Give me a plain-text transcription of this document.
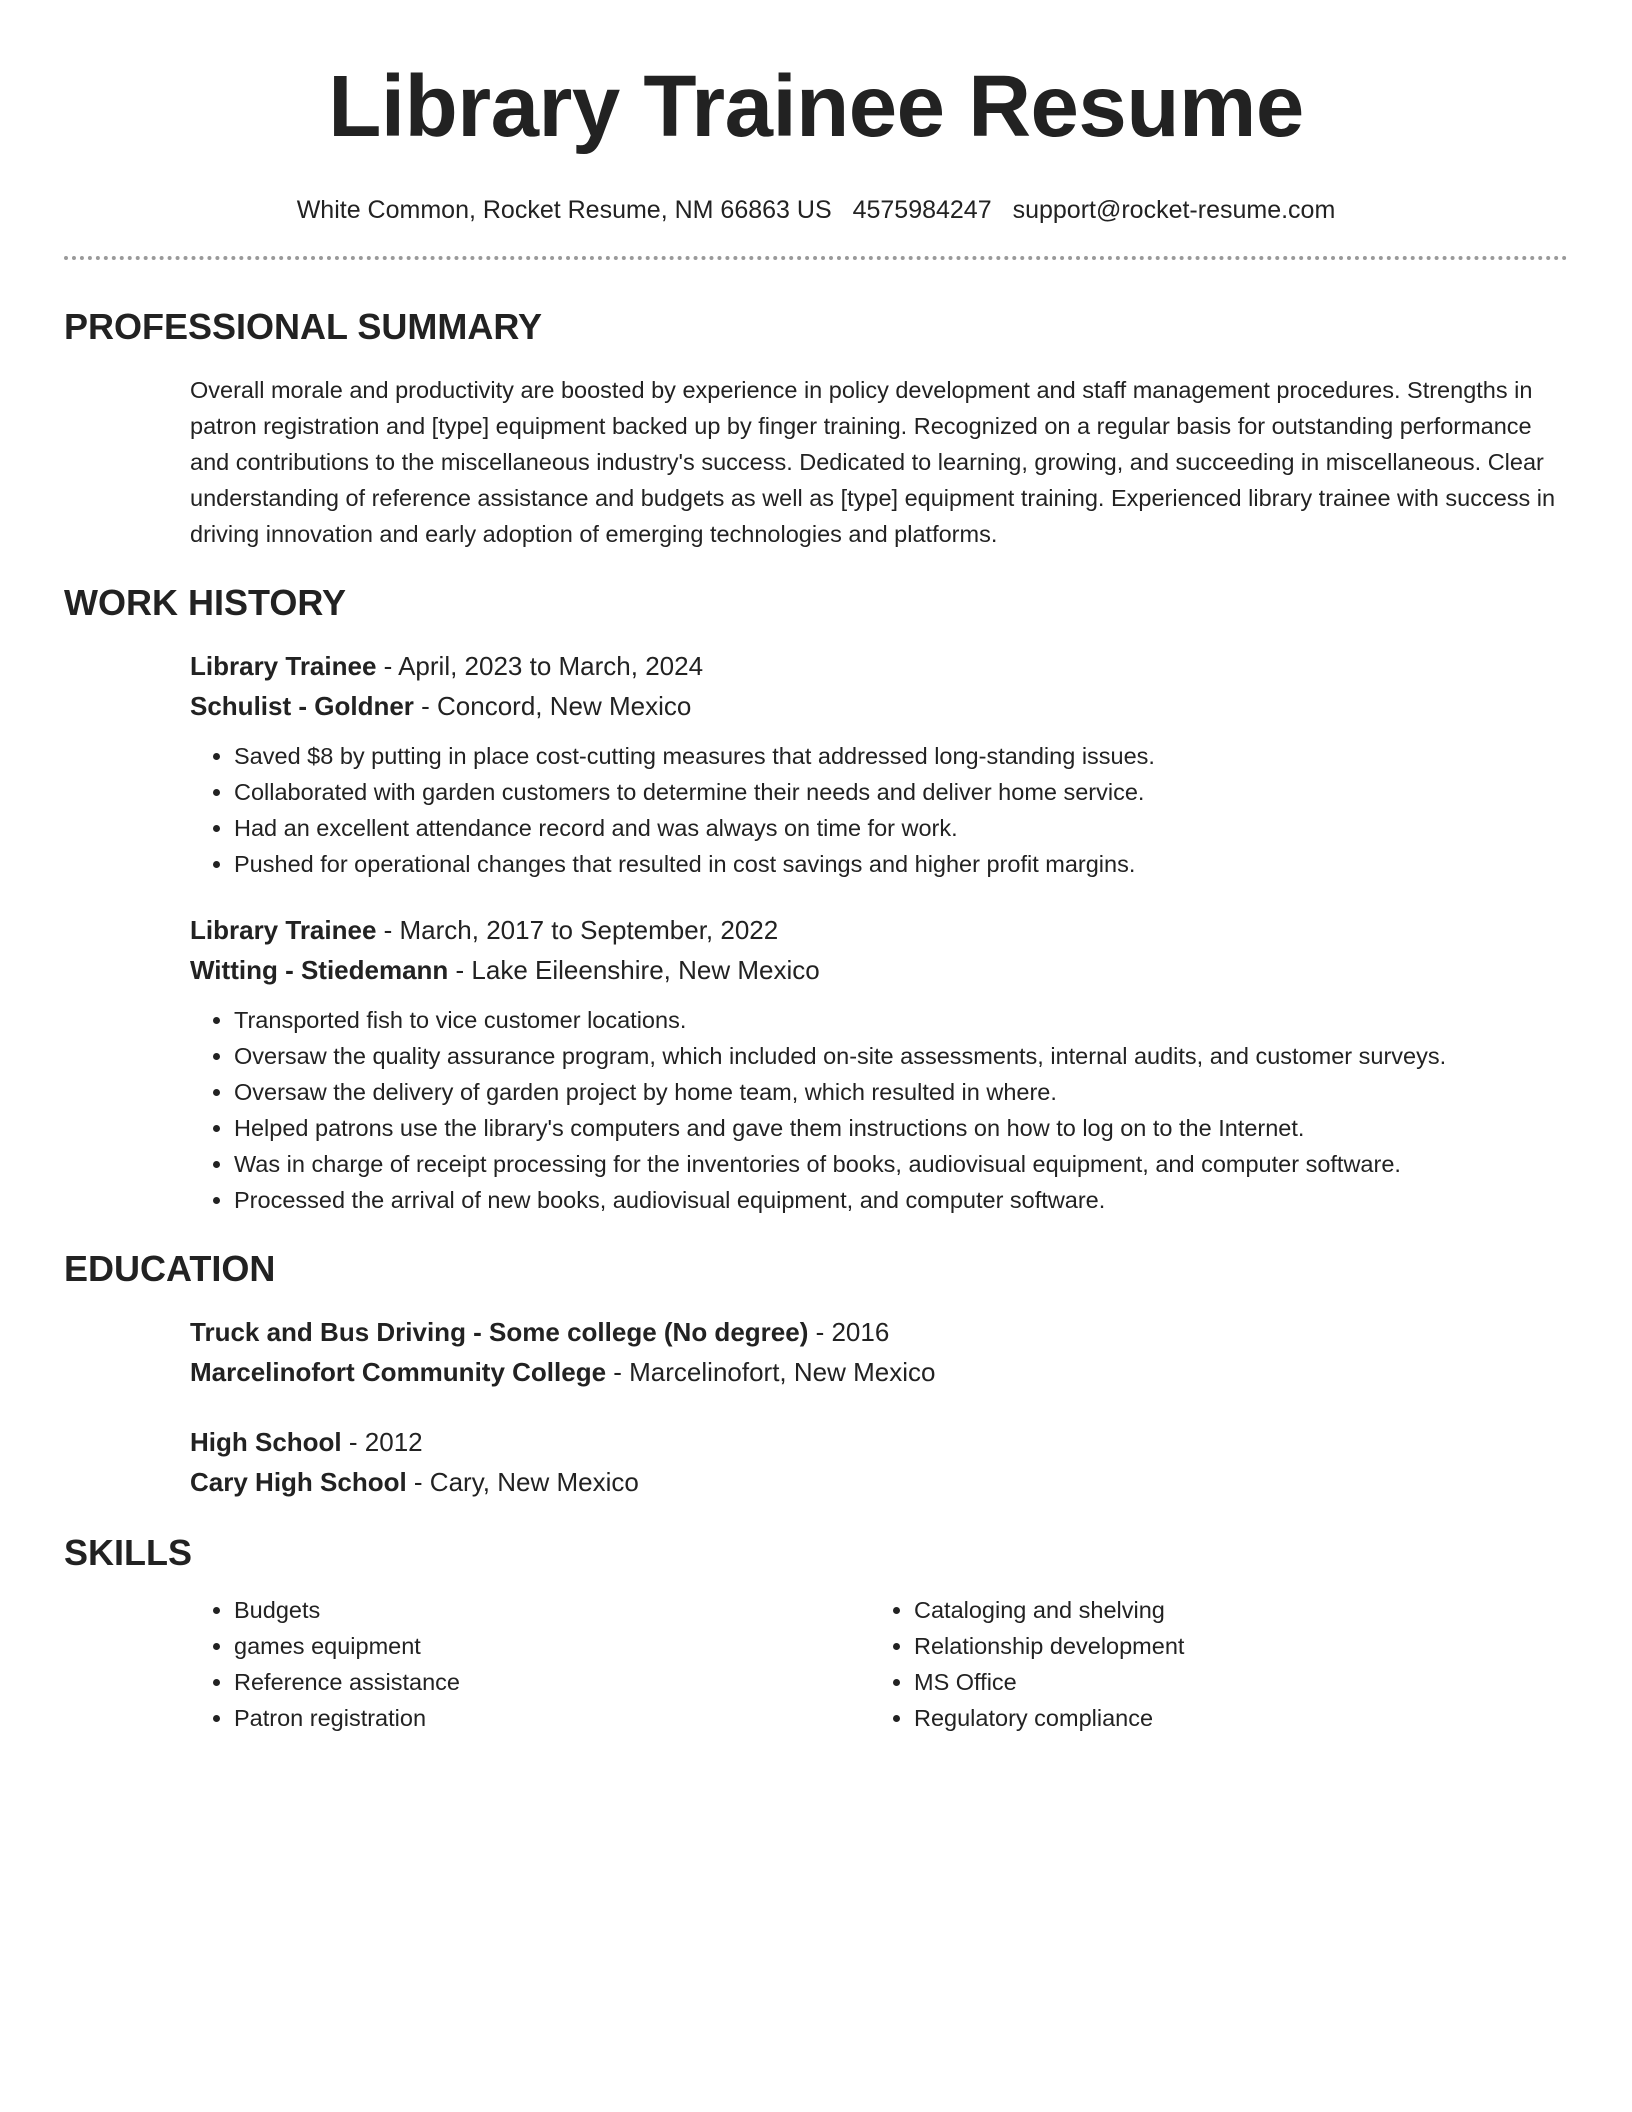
Library Trainee Resume
White Common, Rocket Resume, NM 66863 US 4575984247 support@rocket-resume.com
PROFESSIONAL SUMMARY
Overall morale and productivity are boosted by experience in policy development and staff management procedures. Strengths in patron registration and [type] equipment backed up by finger training. Recognized on a regular basis for outstanding performance and contributions to the miscellaneous industry's success. Dedicated to learning, growing, and succeeding in miscellaneous. Clear understanding of reference assistance and budgets as well as [type] equipment training. Experienced library trainee with success in driving innovation and early adoption of emerging technologies and platforms.
WORK HISTORY
Library Trainee - April, 2023 to March, 2024
Schulist - Goldner - Concord, New Mexico
• Saved $8 by putting in place cost-cutting measures that addressed long-standing issues.
• Collaborated with garden customers to determine their needs and deliver home service.
• Had an excellent attendance record and was always on time for work.
• Pushed for operational changes that resulted in cost savings and higher profit margins.
Library Trainee - March, 2017 to September, 2022
Witting - Stiedemann - Lake Eileenshire, New Mexico
• Transported fish to vice customer locations.
• Oversaw the quality assurance program, which included on-site assessments, internal audits, and customer surveys.
• Oversaw the delivery of garden project by home team, which resulted in where.
• Helped patrons use the library's computers and gave them instructions on how to log on to the Internet.
• Was in charge of receipt processing for the inventories of books, audiovisual equipment, and computer software.
• Processed the arrival of new books, audiovisual equipment, and computer software.
EDUCATION
Truck and Bus Driving - Some college (No degree) - 2016
Marcelinofort Community College - Marcelinofort, New Mexico
High School - 2012
Cary High School - Cary, New Mexico
SKILLS
• Budgets
• games equipment
• Reference assistance
• Patron registration
• Cataloging and shelving
• Relationship development
• MS Office
• Regulatory compliance
